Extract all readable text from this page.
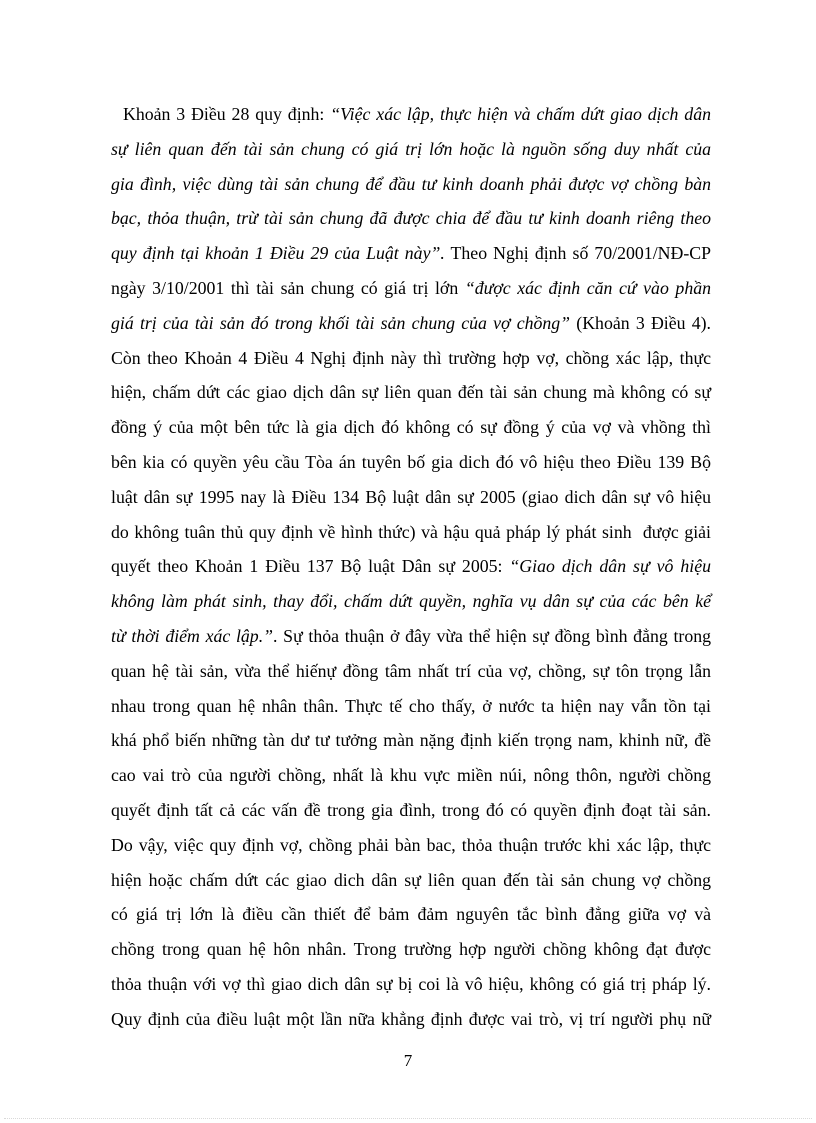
Khoản 3 Điều 28 quy định: “Việc xác lập, thực hiện và chấm dứt giao dịch dân
sự liên quan đến tài sản chung có giá trị lớn hoặc là nguồn sống duy nhất của
gia đình, việc dùng tài sản chung để đầu tư kinh doanh phải được vợ chồng bàn
bạc, thỏa thuận, trừ tài sản chung đã được chia để đầu tư kinh doanh riêng theo
quy định tại khoản 1 Điều 29 của Luật này”. Theo Nghị định số 70/2001/NĐ-CP
ngày 3/10/2001 thì tài sản chung có giá trị lớn “được xác định căn cứ vào phần
giá trị của tài sản đó trong khối tài sản chung của vợ chồng” (Khoản 3 Điều 4).
Còn theo Khoản 4 Điều 4 Nghị định này thì trường hợp vợ, chồng xác lập, thực
hiện, chấm dứt các giao dịch dân sự liên quan đến tài sản chung mà không có sự
đồng ý của một bên tức là gia dịch đó không có sự đồng ý của vợ và vhồng thì
bên kia có quyền yêu cầu Tòa án tuyên bố gia dich đó vô hiệu theo Điều 139 Bộ
luật dân sự 1995 nay là Điều 134 Bộ luật dân sự 2005 (giao dich dân sự vô hiệu
do không tuân thủ quy định về hình thức) và hậu quả pháp lý phát sinh  được giải
quyết theo Khoản 1 Điều 137 Bộ luật Dân sự 2005: “Giao dịch dân sự vô hiệu
không làm phát sinh, thay đổi, chấm dứt quyền, nghĩa vụ dân sự của các bên kể
từ thời điểm xác lập.”. Sự thỏa thuận ở đây vừa thể hiện sự đồng bình đẳng trong
quan hệ tài sản, vừa thể hiếnự đồng tâm nhất trí của vợ, chồng, sự tôn trọng lẫn
nhau trong quan hệ nhân thân. Thực tế cho thấy, ở nước ta hiện nay vẫn tồn tại
khá phổ biến những tàn dư tư tưởng màn nặng định kiến trọng nam, khinh nữ, đề
cao vai trò của người chồng, nhất là khu vực miền núi, nông thôn, người chồng
quyết định tất cả các vấn đề trong gia đình, trong đó có quyền định đoạt tài sản.
Do vậy, việc quy định vợ, chồng phải bàn bac, thỏa thuận trước khi xác lập, thực
hiện hoặc chấm dứt các giao dich dân sự liên quan đến tài sản chung vợ chồng
có giá trị lớn là điều cần thiết để bảm đảm nguyên tắc bình đẳng giữa vợ và
chồng trong quan hệ hôn nhân. Trong trường hợp người chồng không đạt được
thỏa thuận với vợ thì giao dich dân sự bị coi là vô hiệu, không có giá trị pháp lý.
Quy định của điều luật một lần nữa khẳng định được vai trò, vị trí người phụ nữ
7
